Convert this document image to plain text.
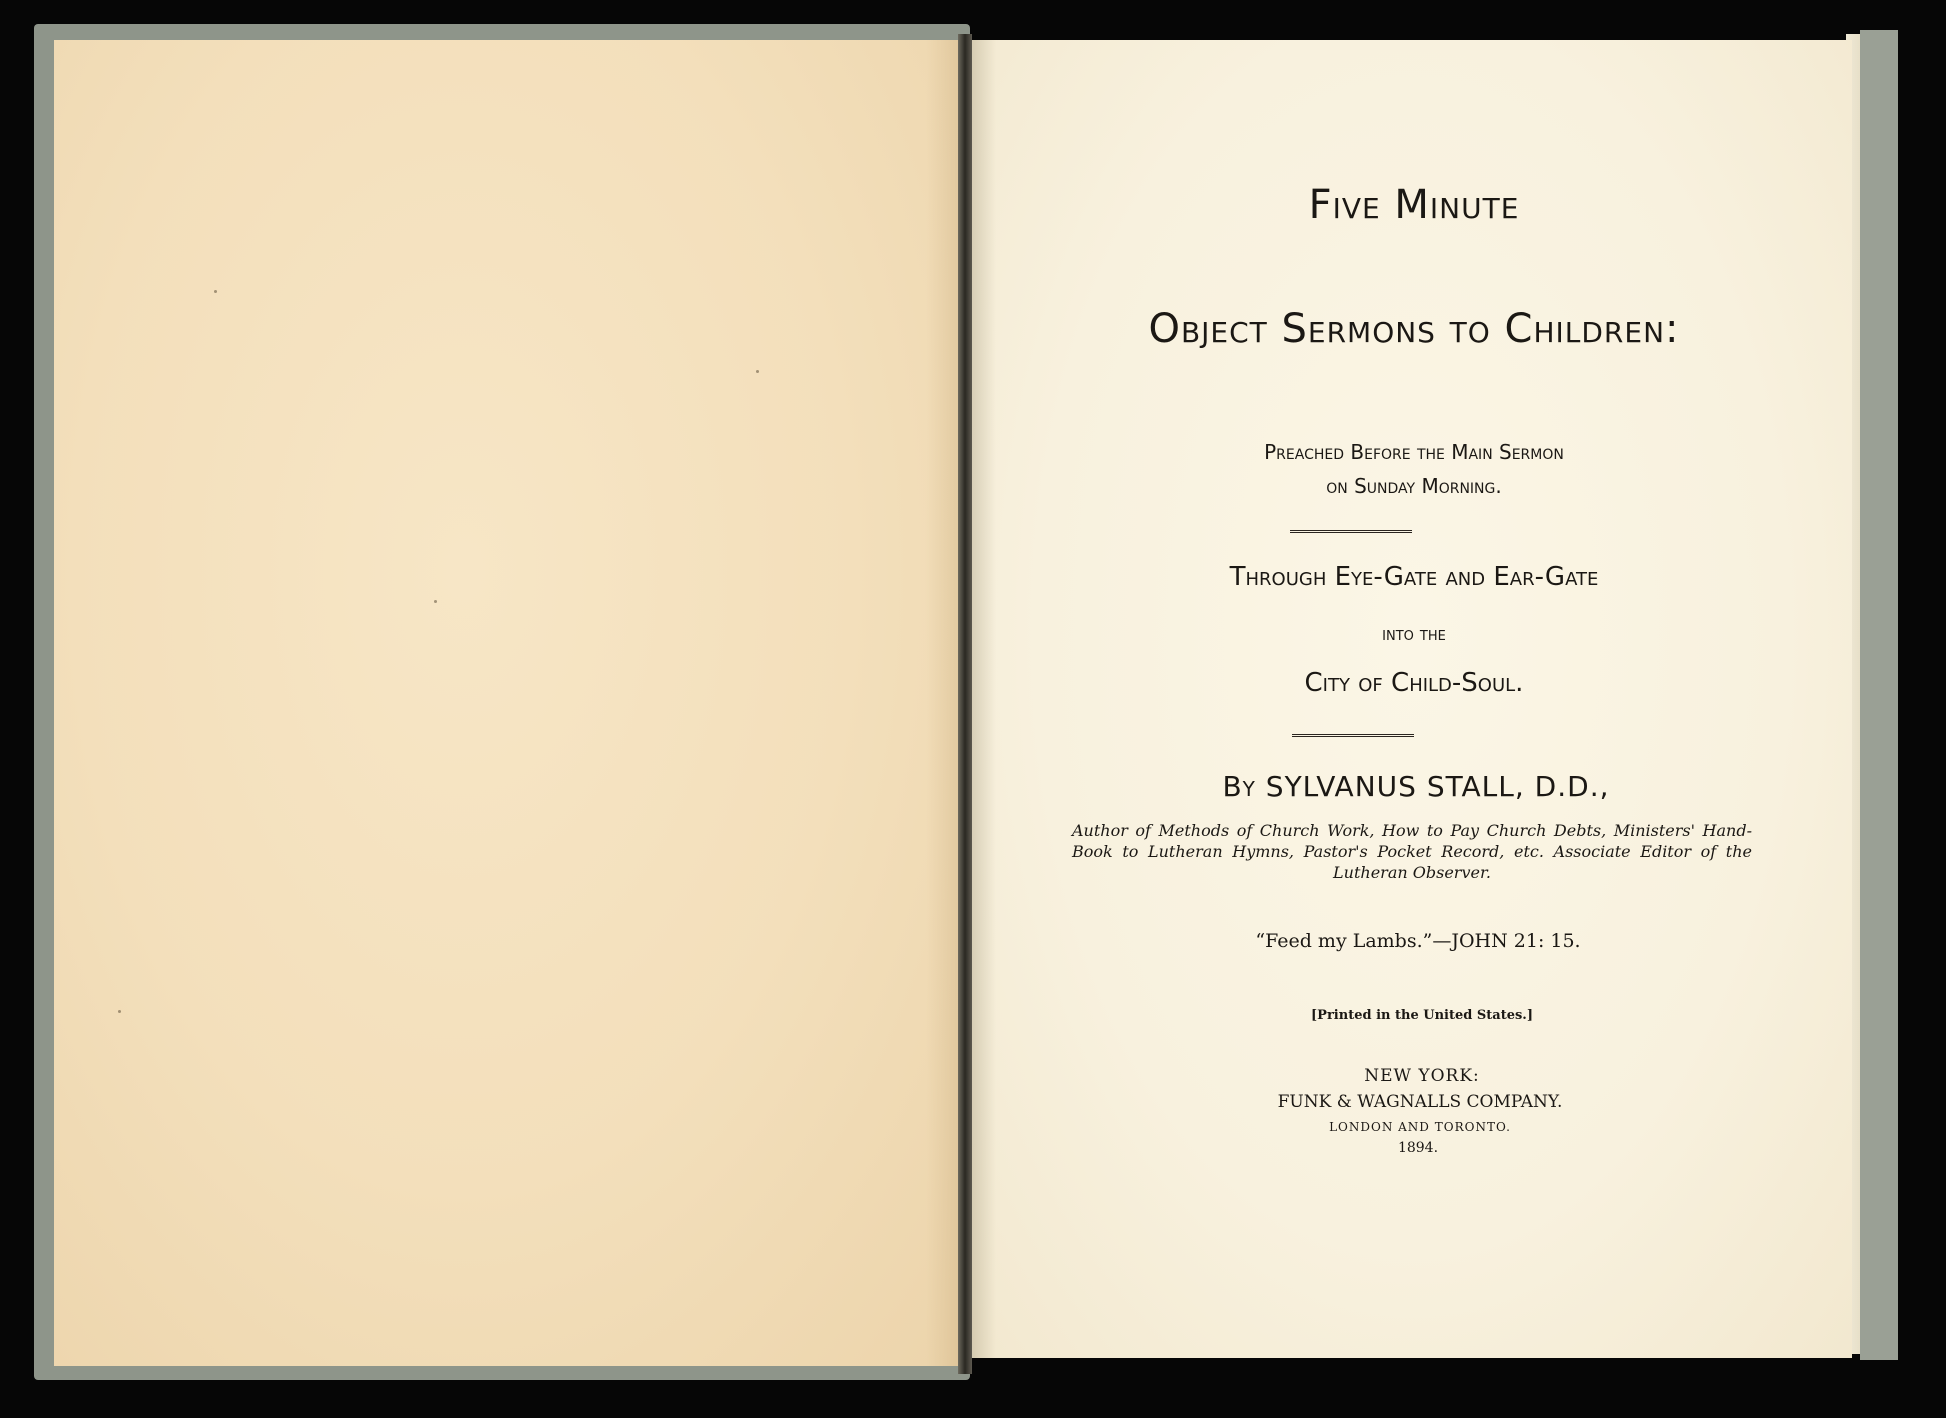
Five Minute
Object Sermons to Children:
Preached Before the Main Sermon
on Sunday Morning.
Through Eye-Gate and Ear-Gate
into the
City of Child-Soul.
By SYLVANUS STALL, D.D.,
Author of Methods of Church Work, How to Pay Church Debts, Ministers' Hand-Book to Lutheran Hymns, Pastor's Pocket Record, etc. Associate Editor of the Lutheran Observer.
“Feed my Lambs.”—JOHN 21: 15.
[Printed in the United States.]
NEW YORK:
FUNK & WAGNALLS COMPANY.
LONDON AND TORONTO.
1894.
